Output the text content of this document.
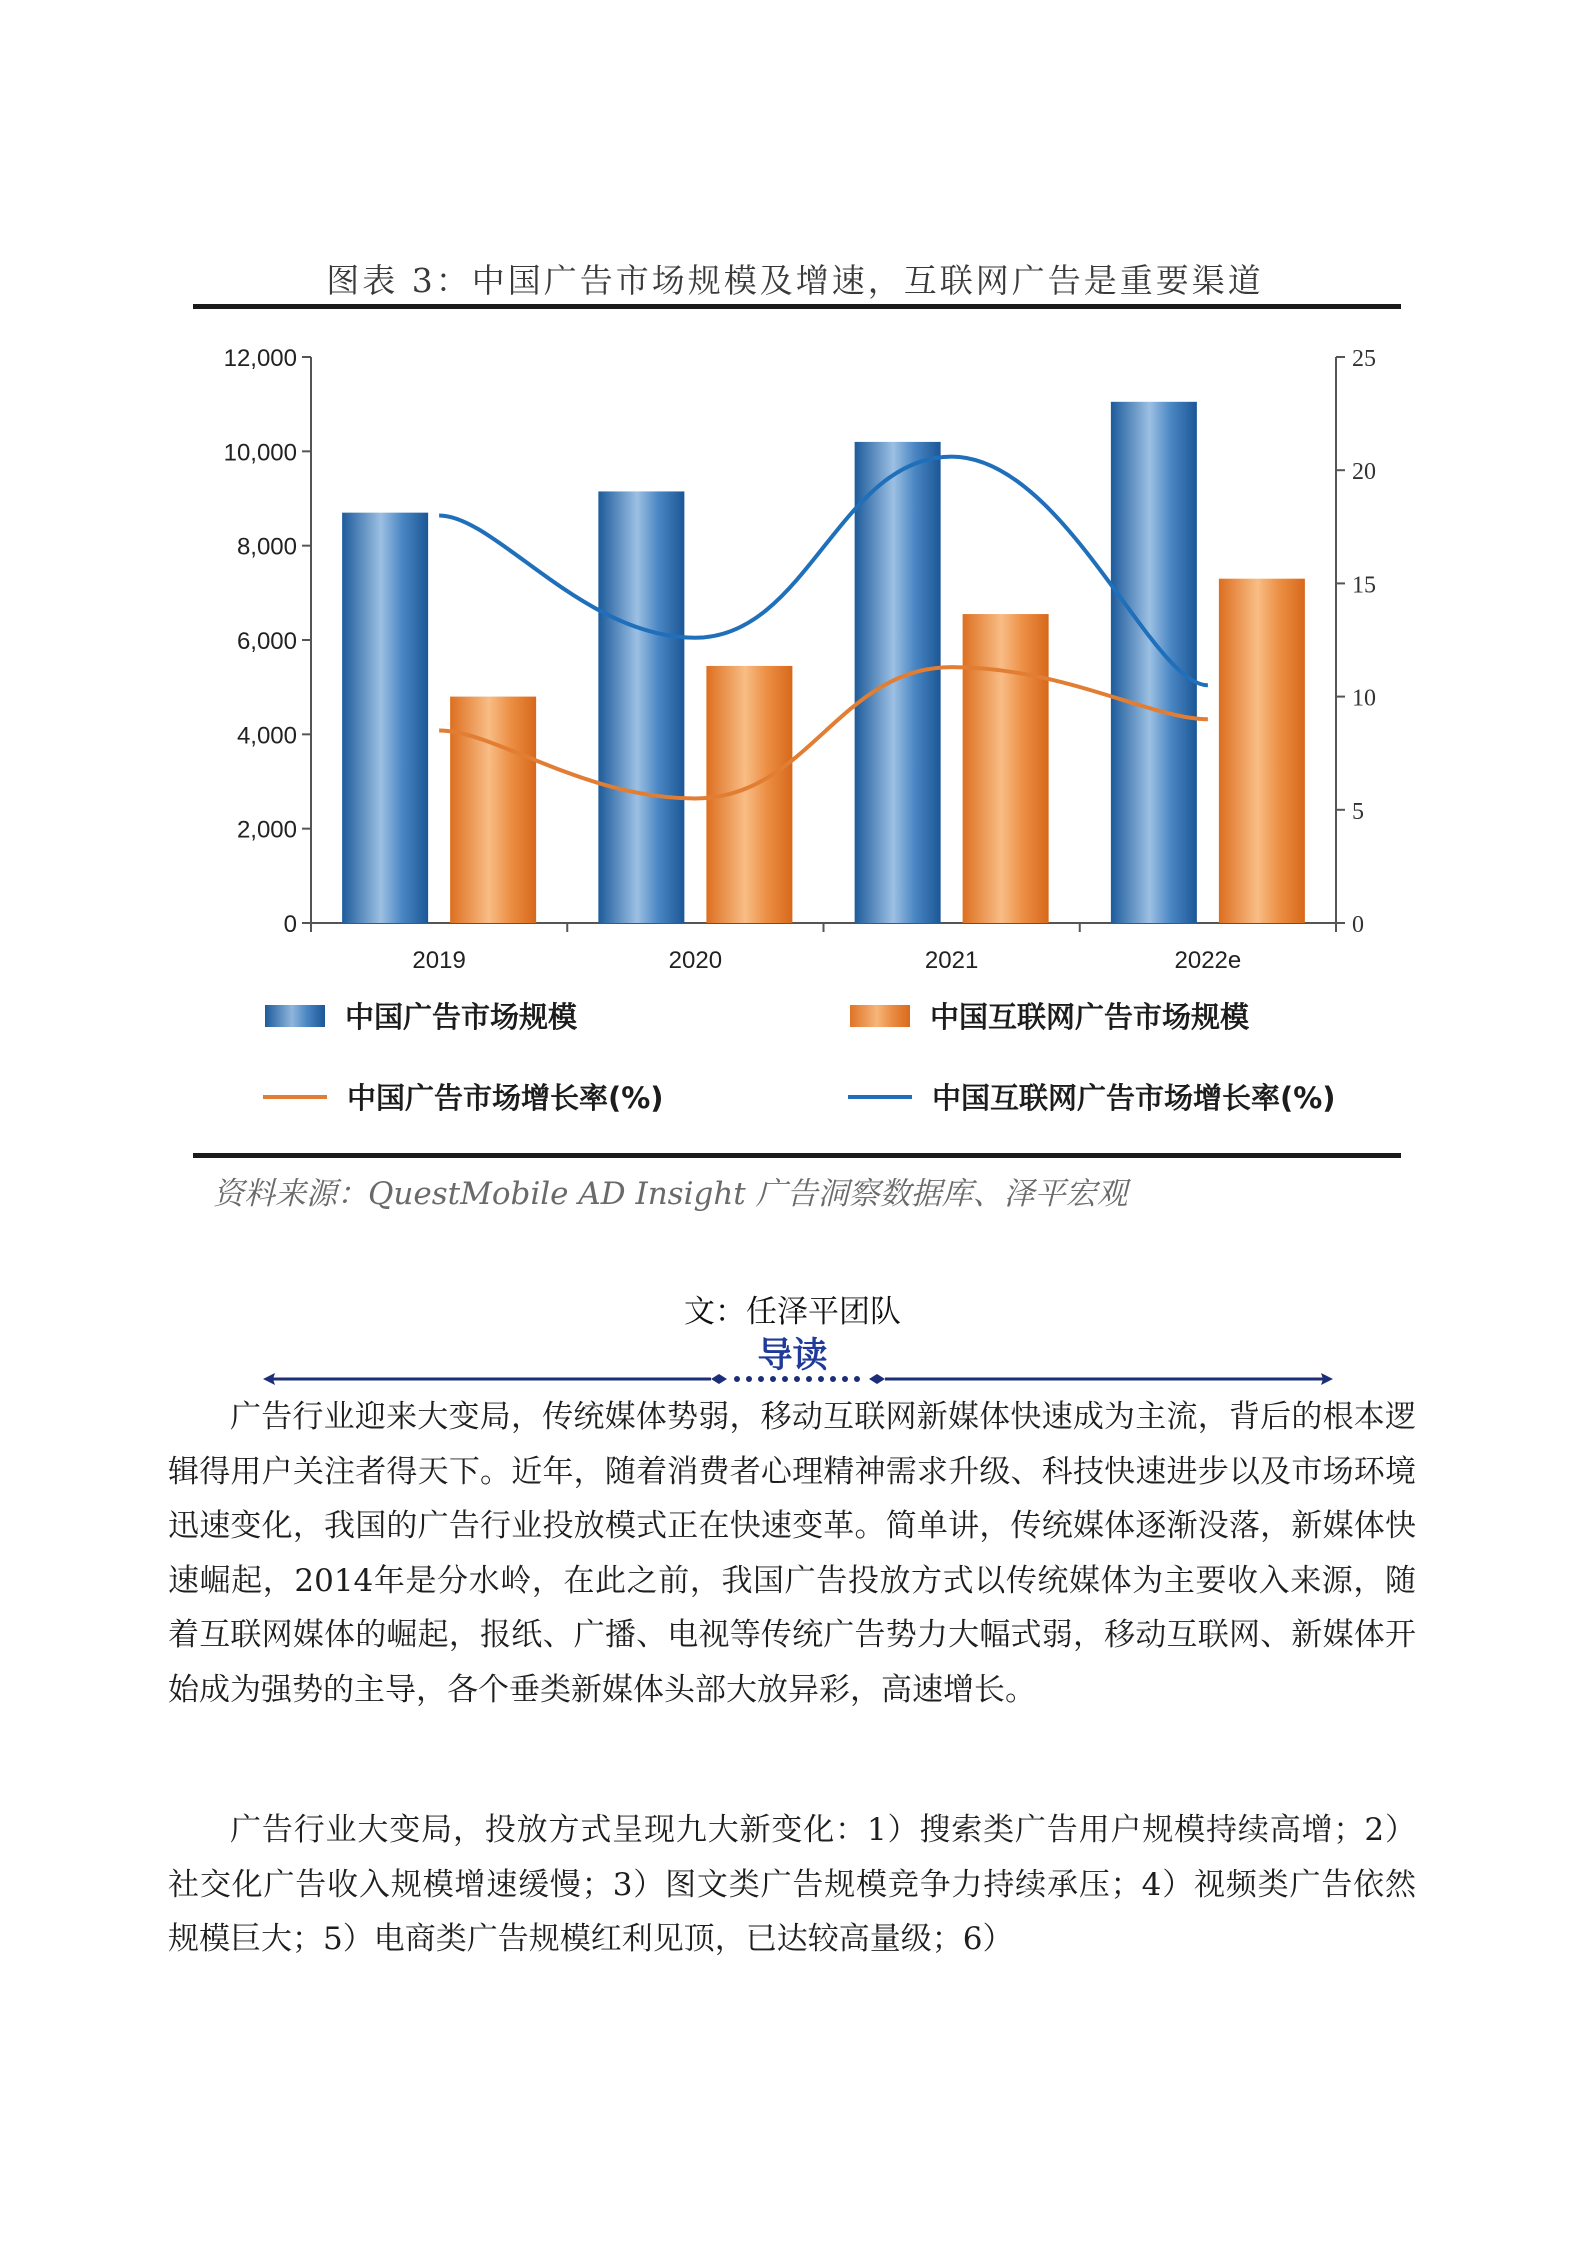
图表 3：中国广告市场规模及增速，互联网广告是重要渠道
0
2,000
4,000
6,000
8,000
10,000
12,000
0
5
10
15
20
25
2019	2020	2021	2022e
中国广告市场规模	中国互联网广告市场规模
中国广告市场增长率(%)	中国互联网广告市场增长率(%)
资料来源：QuestMobile AD Insight 广告洞察数据库、泽平宏观
文：任泽平团队
导读

广告行业迎来大变局，传统媒体势弱，移动互联网新媒体快速成为主流，背后的根本逻辑得用户关注者得天下。近年，随着消费者心理精神需求升级、科技快速进步以及市场环境迅速变化，我国的广告行业投放模式正在快速变革。简单讲，传统媒体逐渐没落，新媒体快速崛起，2014年是分水岭，在此之前，我国广告投放方式以传统媒体为主要收入来源，随着互联网媒体的崛起，报纸、广播、电视等传统广告势力大幅式弱，移动互联网、新媒体开始成为强势的主导，各个垂类新媒体头部大放异彩，高速增长。

广告行业大变局，投放方式呈现九大新变化：1）搜索类广告用户规模持续高增；2）社交化广告收入规模增速缓慢；3）图文类广告规模竞争力持续承压；4）视频类广告依然规模巨大；5）电商类广告规模红利见顶，已达较高量级；6）
